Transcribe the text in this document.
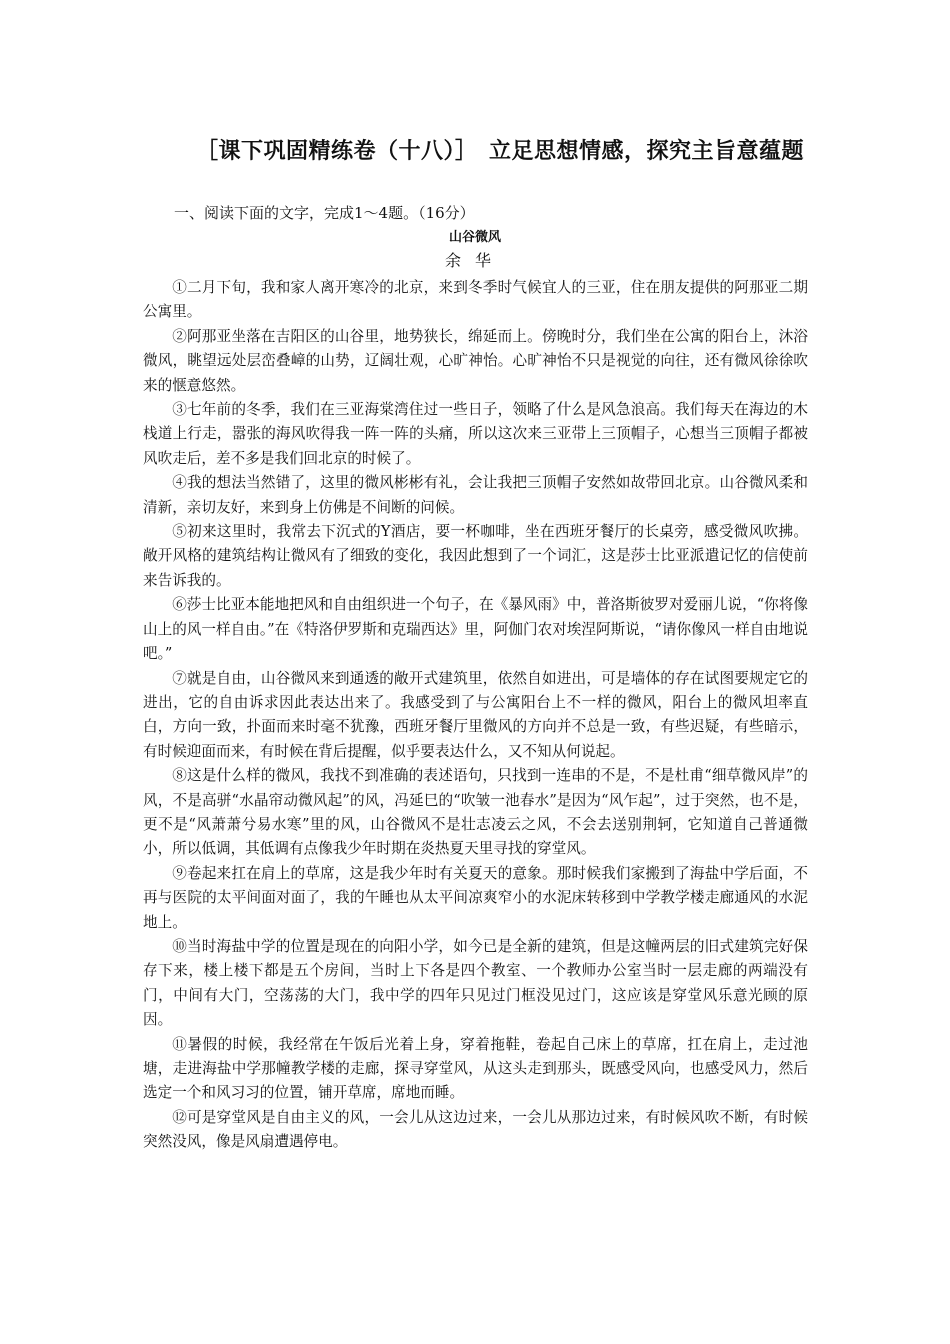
［课下巩固精练卷（十八）］　立足思想情感，探究主旨意蕴题
一、阅读下面的文字，完成1～4题。（16分）
山谷微风
余华

①二月下旬，我和家人离开寒冷的北京，来到冬季时气候宜人的三亚，住在朋友提供的阿那亚二期公寓里。

②阿那亚坐落在吉阳区的山谷里，地势狭长，绵延而上。傍晚时分，我们坐在公寓的阳台上，沐浴微风，眺望远处层峦叠嶂的山势，辽阔壮观，心旷神怡。心旷神怡不只是视觉的向往，还有微风徐徐吹来的惬意悠然。

③七年前的冬季，我们在三亚海棠湾住过一些日子，领略了什么是风急浪高。我们每天在海边的木栈道上行走，嚣张的海风吹得我一阵一阵的头痛，所以这次来三亚带上三顶帽子，心想当三顶帽子都被风吹走后，差不多是我们回北京的时候了。

④我的想法当然错了，这里的微风彬彬有礼，会让我把三顶帽子安然如故带回北京。山谷微风柔和清新，亲切友好，来到身上仿佛是不间断的问候。

⑤初来这里时，我常去下沉式的Y酒店，要一杯咖啡，坐在西班牙餐厅的长桌旁，感受微风吹拂。敞开风格的建筑结构让微风有了细致的变化，我因此想到了一个词汇，这是莎士比亚派遣记忆的信使前来告诉我的。

⑥莎士比亚本能地把风和自由组织进一个句子，在《暴风雨》中，普洛斯彼罗对爱丽儿说，“你将像山上的风一样自由。”在《特洛伊罗斯和克瑞西达》里，阿伽门农对埃涅阿斯说，“请你像风一样自由地说吧。”

⑦就是自由，山谷微风来到通透的敞开式建筑里，依然自如进出，可是墙体的存在试图要规定它的进出，它的自由诉求因此表达出来了。我感受到了与公寓阳台上不一样的微风，阳台上的微风坦率直白，方向一致，扑面而来时毫不犹豫，西班牙餐厅里微风的方向并不总是一致，有些迟疑，有些暗示，有时候迎面而来，有时候在背后提醒，似乎要表达什么，又不知从何说起。

⑧这是什么样的微风，我找不到准确的表述语句，只找到一连串的不是，不是杜甫“细草微风岸”的风，不是高骈“水晶帘动微风起”的风，冯延巳的“吹皱一池春水”是因为“风乍起”，过于突然，也不是，更不是“风萧萧兮易水寒”里的风，山谷微风不是壮志凌云之风，不会去送别荆轲，它知道自己普通微小，所以低调，其低调有点像我少年时期在炎热夏天里寻找的穿堂风。

⑨卷起来扛在肩上的草席，这是我少年时有关夏天的意象。那时候我们家搬到了海盐中学后面，不再与医院的太平间面对面了，我的午睡也从太平间凉爽窄小的水泥床转移到中学教学楼走廊通风的水泥地上。

⑩当时海盐中学的位置是现在的向阳小学，如今已是全新的建筑，但是这幢两层的旧式建筑完好保存下来，楼上楼下都是五个房间，当时上下各是四个教室、一个教师办公室当时一层走廊的两端没有门，中间有大门，空荡荡的大门，我中学的四年只见过门框没见过门，这应该是穿堂风乐意光顾的原因。

⑪暑假的时候，我经常在午饭后光着上身，穿着拖鞋，卷起自己床上的草席，扛在肩上，走过池塘，走进海盐中学那幢教学楼的走廊，探寻穿堂风，从这头走到那头，既感受风向，也感受风力，然后选定一个和风习习的位置，铺开草席，席地而睡。

⑫可是穿堂风是自由主义的风，一会儿从这边过来，一会儿从那边过来，有时候风吹不断，有时候突然没风，像是风扇遭遇停电。
